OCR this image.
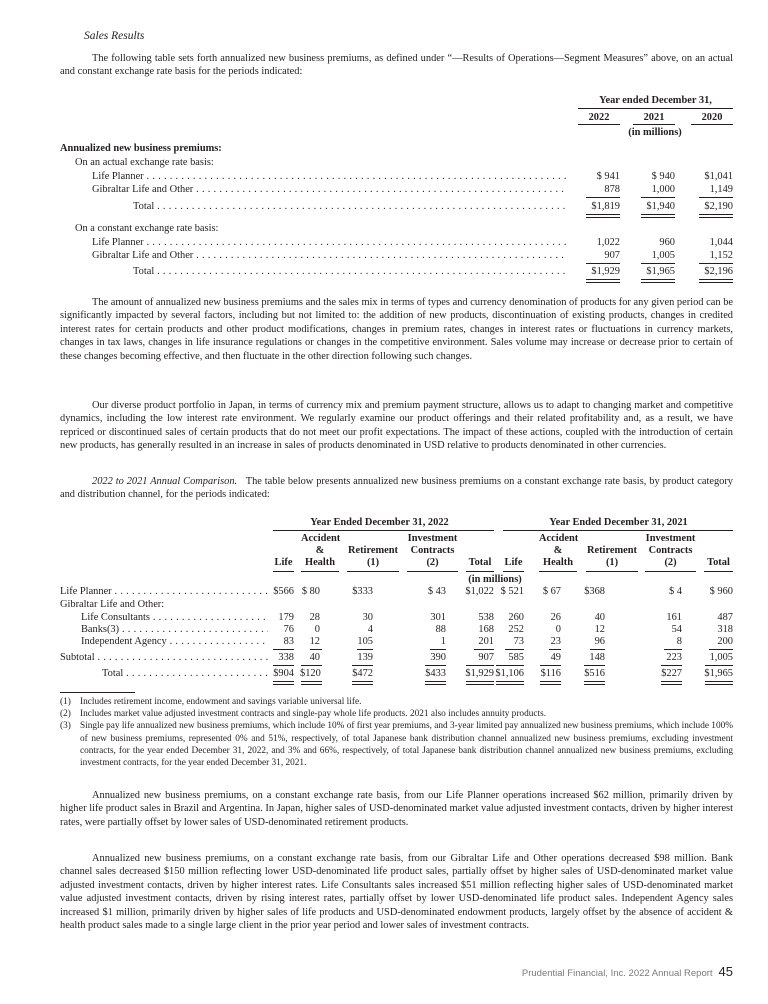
Sales Results
The following table sets forth annualized new business premiums, as defined under “—Results of Operations—Segment Measures” above, on an actual and constant exchange rate basis for the periods indicated:
Year ended December 31,
2022	2021	2020
(in millions)
Annualized new business premiums:
On an actual exchange rate basis:
Life Planner . . .	$ 941	$ 940	$1,041
Gibraltar Life and Other . . .	878	1,000	1,149
Total . . .	$1,819	$1,940	$2,190
On a constant exchange rate basis:
Life Planner . . .	1,022	960	1,044
Gibraltar Life and Other . . .	907	1,005	1,152
Total . . .	$1,929	$1,965	$2,196
The amount of annualized new business premiums and the sales mix in terms of types and currency denomination of products for any given period can be significantly impacted by several factors, including but not limited to: the addition of new products, discontinuation of existing products, changes in credited interest rates for certain products and other product modifications, changes in premium rates, changes in interest rates or fluctuations in currency markets, changes in tax laws, changes in life insurance regulations or changes in the competitive environment. Sales volume may increase or decrease prior to certain of these changes becoming effective, and then fluctuate in the other direction following such changes.
Our diverse product portfolio in Japan, in terms of currency mix and premium payment structure, allows us to adapt to changing market and competitive dynamics, including the low interest rate environment. We regularly examine our product offerings and their related profitability and, as a result, we have repriced or discontinued sales of certain products that do not meet our profit expectations. The impact of these actions, coupled with the introduction of certain new products, has generally resulted in an increase in sales of products denominated in USD relative to products denominated in other currencies.
2022 to 2021 Annual Comparison. The table below presents annualized new business premiums on a constant exchange rate basis, by product category and distribution channel, for the periods indicated:
Year Ended December 31, 2022	Year Ended December 31, 2021
Life
Accident
&
Health
Retirement
(1)
Investment
Contracts
(2)	Total Life
Accident
&
Health
Retirement
(1)
Investment
Contracts
(2)	Total
(in millions)
Life Planner . . .	$566 $ 80	$333	$ 43	$1,022 $ 521	$ 67	$368	$ 4	$ 960
Gibraltar Life and Other:
Life Consultants . . .	179	28	30	301	538	260	26	40	161	487
Banks(3) . . .	76	0	4	88	168	252	0	12	54	318
Independent Agency . . .	83	12	105	1	201	73	23	96	8	200
Subtotal . . .	338	40	139	390	907	585	49	148	223	1,005
Total . . .	$904 $120	$472	$433	$1,929 $1,106 $116	$516	$227	$1,965
(1) Includes retirement income, endowment and savings variable universal life.
(2) Includes market value adjusted investment contracts and single-pay whole life products. 2021 also includes annuity products.
(3) Single pay life annualized new business premiums, which include 10% of first year premiums, and 3-year limited pay annualized new business premiums, which include 100% of new business premiums, represented 0% and 51%, respectively, of total Japanese bank distribution channel annualized new business premiums, excluding investment contracts, for the year ended December 31, 2022, and 3% and 66%, respectively, of total Japanese bank distribution channel annualized new business premiums, excluding investment contracts, for the year ended December 31, 2021.
Annualized new business premiums, on a constant exchange rate basis, from our Life Planner operations increased $62 million, primarily driven by higher life product sales in Brazil and Argentina. In Japan, higher sales of USD-denominated market value adjusted investment contacts, driven by higher interest rates, were partially offset by lower sales of USD-denominated retirement products.
Annualized new business premiums, on a constant exchange rate basis, from our Gibraltar Life and Other operations decreased $98 million. Bank channel sales decreased $150 million reflecting lower USD-denominated life product sales, partially offset by higher sales of USD-denominated market value adjusted investment contacts, driven by higher interest rates. Life Consultants sales increased $51 million reflecting higher sales of USD-denominated market value adjusted investment contacts, driven by rising interest rates, partially offset by lower USD-denominated life product sales. Independent Agency sales increased $1 million, primarily driven by higher sales of life products and USD-denominated endowment products, largely offset by the absence of accident & health product sales made to a single large client in the prior year period and lower sales of investment contracts.
Prudential Financial, Inc. 2022 Annual Report 45
